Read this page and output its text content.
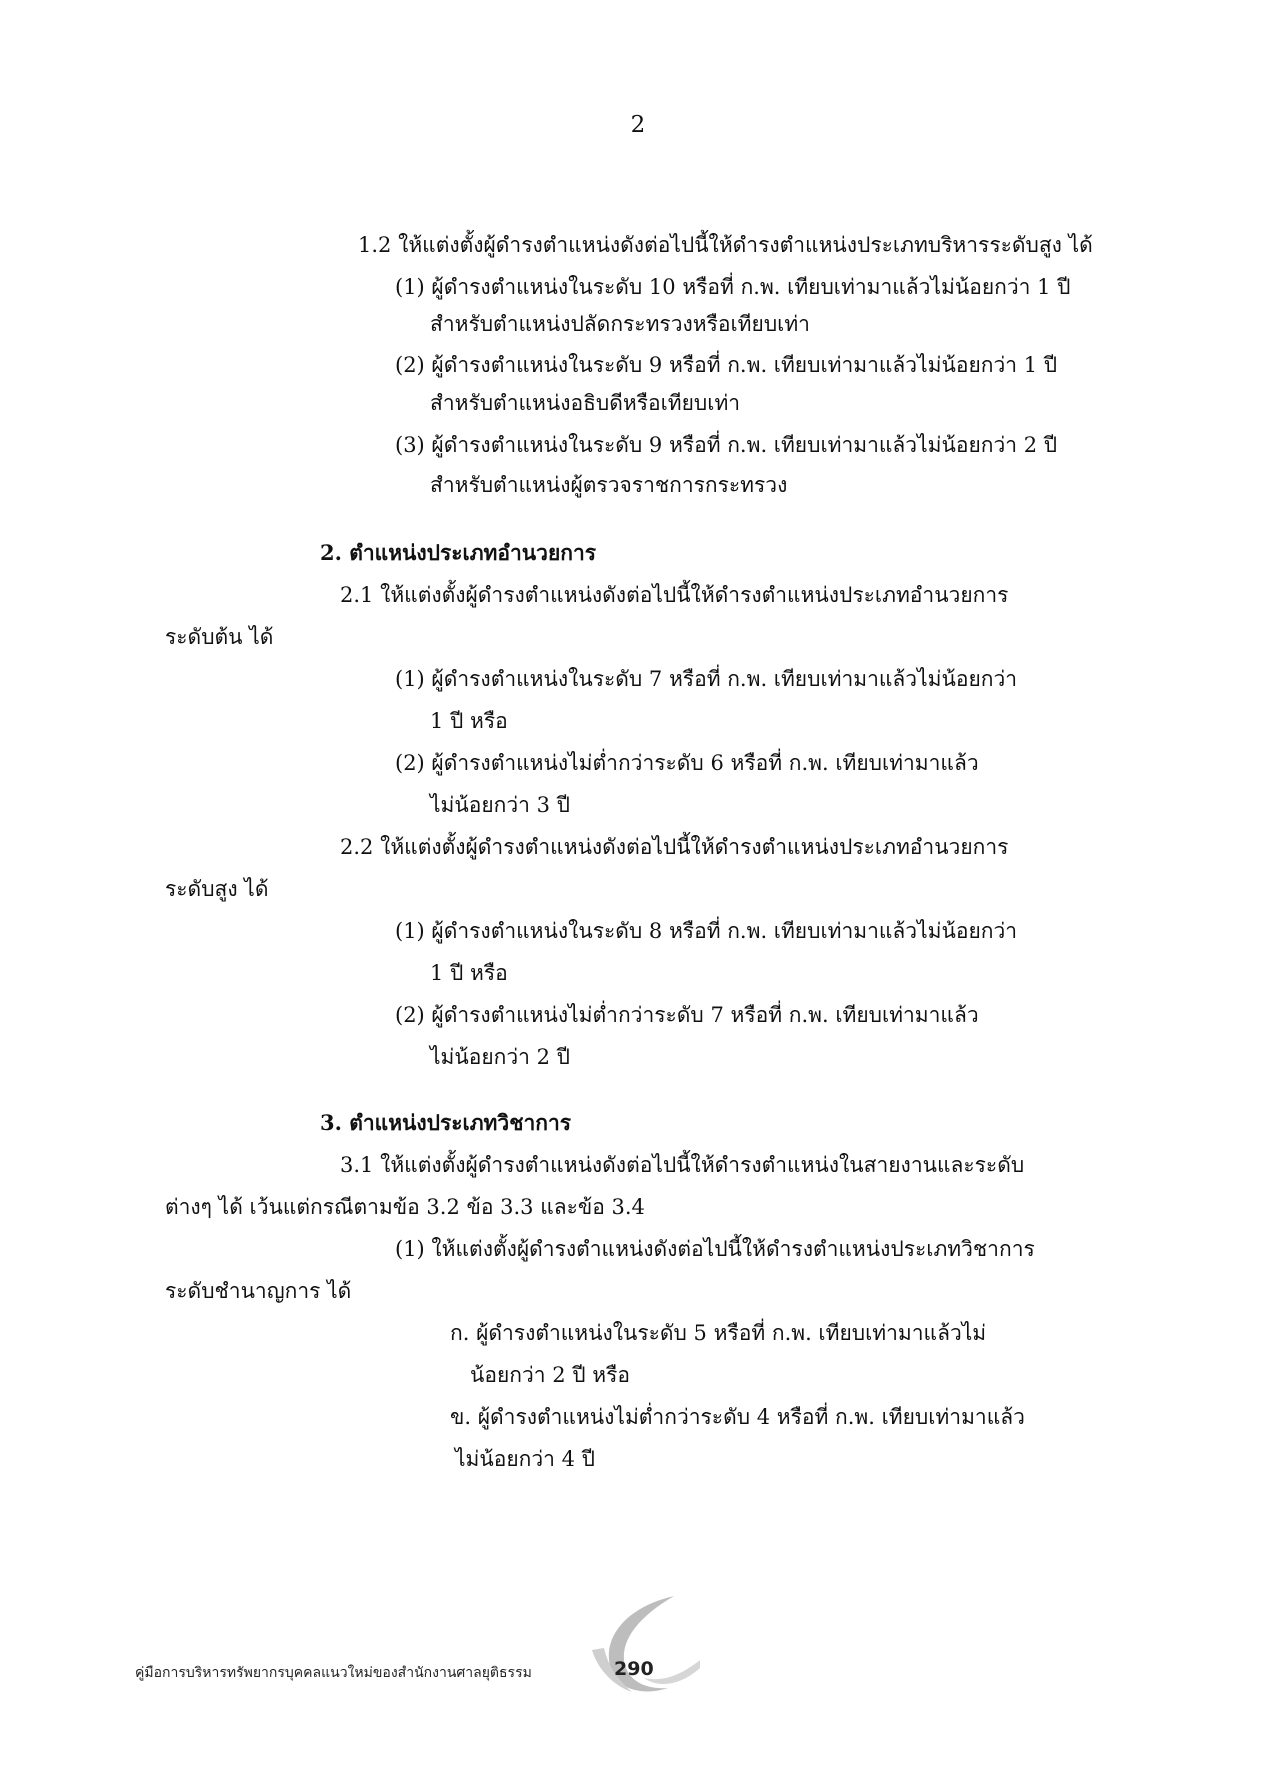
2
1.2 ให้แต่งตั้งผู้ดำรงตำแหน่งดังต่อไปนี้ให้ดำรงตำแหน่งประเภทบริหารระดับสูง ได้
(1) ผู้ดำรงตำแหน่งในระดับ 10 หรือที่ ก.พ. เทียบเท่ามาแล้วไม่น้อยกว่า 1 ปี
สำหรับตำแหน่งปลัดกระทรวงหรือเทียบเท่า
(2) ผู้ดำรงตำแหน่งในระดับ 9 หรือที่ ก.พ. เทียบเท่ามาแล้วไม่น้อยกว่า 1 ปี
สำหรับตำแหน่งอธิบดีหรือเทียบเท่า
(3) ผู้ดำรงตำแหน่งในระดับ 9 หรือที่ ก.พ. เทียบเท่ามาแล้วไม่น้อยกว่า 2 ปี
สำหรับตำแหน่งผู้ตรวจราชการกระทรวง
2. ตำแหน่งประเภทอำนวยการ
2.1 ให้แต่งตั้งผู้ดำรงตำแหน่งดังต่อไปนี้ให้ดำรงตำแหน่งประเภทอำนวยการ
ระดับต้น ได้
(1) ผู้ดำรงตำแหน่งในระดับ 7 หรือที่ ก.พ. เทียบเท่ามาแล้วไม่น้อยกว่า
1 ปี หรือ
(2) ผู้ดำรงตำแหน่งไม่ต่ำกว่าระดับ 6 หรือที่ ก.พ. เทียบเท่ามาแล้ว
ไม่น้อยกว่า 3 ปี
2.2 ให้แต่งตั้งผู้ดำรงตำแหน่งดังต่อไปนี้ให้ดำรงตำแหน่งประเภทอำนวยการ
ระดับสูง ได้
(1) ผู้ดำรงตำแหน่งในระดับ 8 หรือที่ ก.พ. เทียบเท่ามาแล้วไม่น้อยกว่า
1 ปี หรือ
(2) ผู้ดำรงตำแหน่งไม่ต่ำกว่าระดับ 7 หรือที่ ก.พ. เทียบเท่ามาแล้ว
ไม่น้อยกว่า 2 ปี
3. ตำแหน่งประเภทวิชาการ
3.1 ให้แต่งตั้งผู้ดำรงตำแหน่งดังต่อไปนี้ให้ดำรงตำแหน่งในสายงานและระดับ
ต่างๆ ได้ เว้นแต่กรณีตามข้อ 3.2 ข้อ 3.3 และข้อ 3.4
(1) ให้แต่งตั้งผู้ดำรงตำแหน่งดังต่อไปนี้ให้ดำรงตำแหน่งประเภทวิชาการ
ระดับชำนาญการ ได้
ก. ผู้ดำรงตำแหน่งในระดับ 5 หรือที่ ก.พ. เทียบเท่ามาแล้วไม่
น้อยกว่า 2 ปี หรือ
ข. ผู้ดำรงตำแหน่งไม่ต่ำกว่าระดับ 4 หรือที่ ก.พ. เทียบเท่ามาแล้ว
ไม่น้อยกว่า 4 ปี
คู่มือการบริหารทรัพยากรบุคคลแนวใหม่ของสำนักงานศาลยุติธรรม	290
